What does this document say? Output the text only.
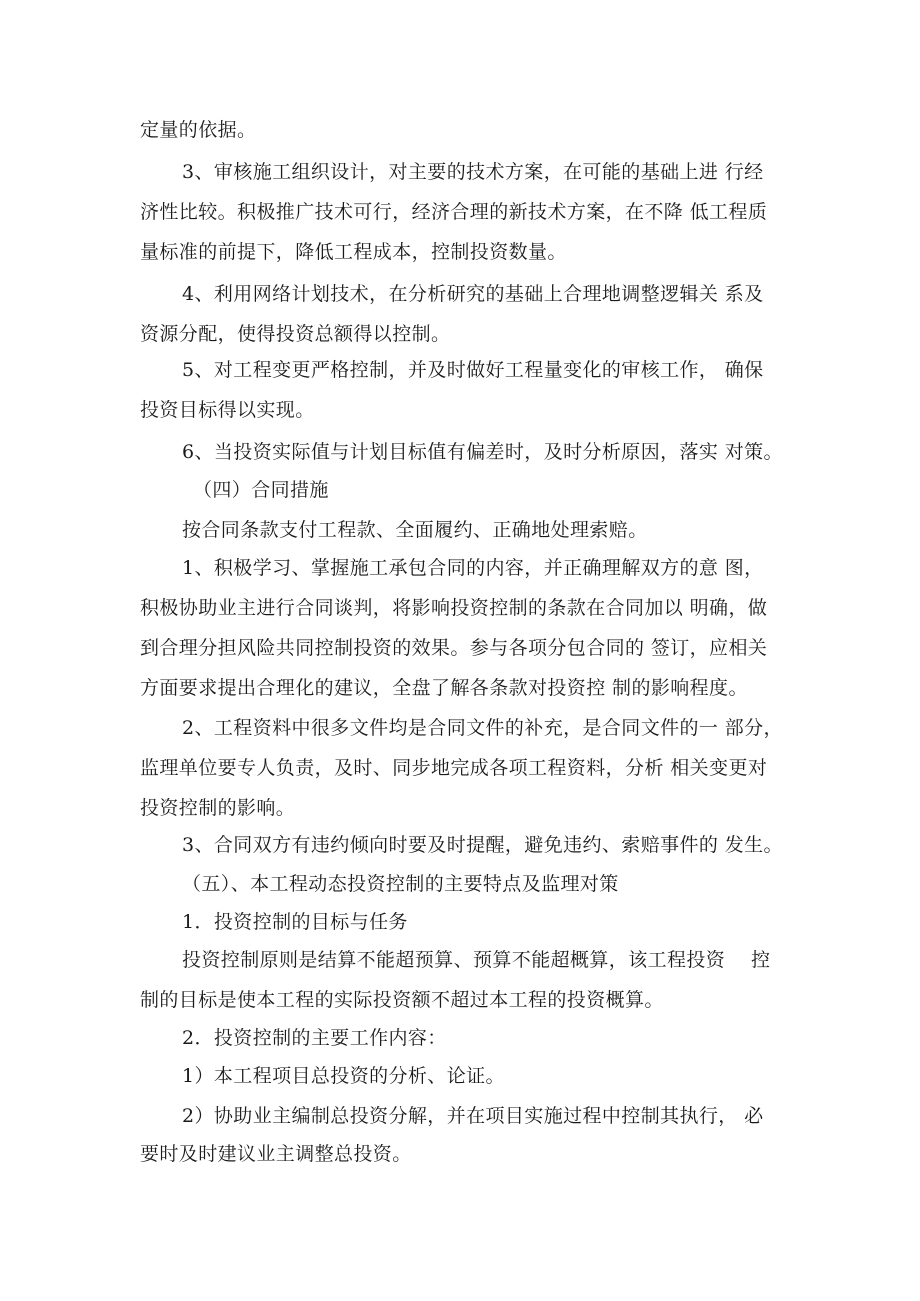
定量的依据。
3、审核施工组织设计，对主要的技术方案，在可能的基础上进 行经
济性比较。积极推广技术可行，经济合理的新技术方案，在不降 低工程质
量标准的前提下，降低工程成本，控制投资数量。
4、利用网络计划技术，在分析研究的基础上合理地调整逻辑关 系及
资源分配，使得投资总额得以控制。
5、对工程变更严格控制，并及时做好工程量变化的审核工作， 确保
投资目标得以实现。
6、当投资实际值与计划目标值有偏差时，及时分析原因，落实 对策。
（四）合同措施
按合同条款支付工程款、全面履约、正确地处理索赔。
1、积极学习、掌握施工承包合同的内容，并正确理解双方的意 图，
积极协助业主进行合同谈判，将影响投资控制的条款在合同加以 明确，做
到合理分担风险共同控制投资的效果。参与各项分包合同的 签订，应相关
方面要求提出合理化的建议，全盘了解各条款对投资控 制的影响程度。
2、工程资料中很多文件均是合同文件的补充，是合同文件的一 部分，
监理单位要专人负责，及时、同步地完成各项工程资料，分析 相关变更对
投资控制的影响。
3、合同双方有违约倾向时要及时提醒，避免违约、索赔事件的 发生。
（五）、本工程动态投资控制的主要特点及监理对策
1．投资控制的目标与任务
投资控制原则是结算不能超预算、预算不能超概算，该工程投资　 控
制的目标是使本工程的实际投资额不超过本工程的投资概算。
2．投资控制的主要工作内容：
1）本工程项目总投资的分析、论证。
2）协助业主编制总投资分解，并在项目实施过程中控制其执行， 必
要时及时建议业主调整总投资。
